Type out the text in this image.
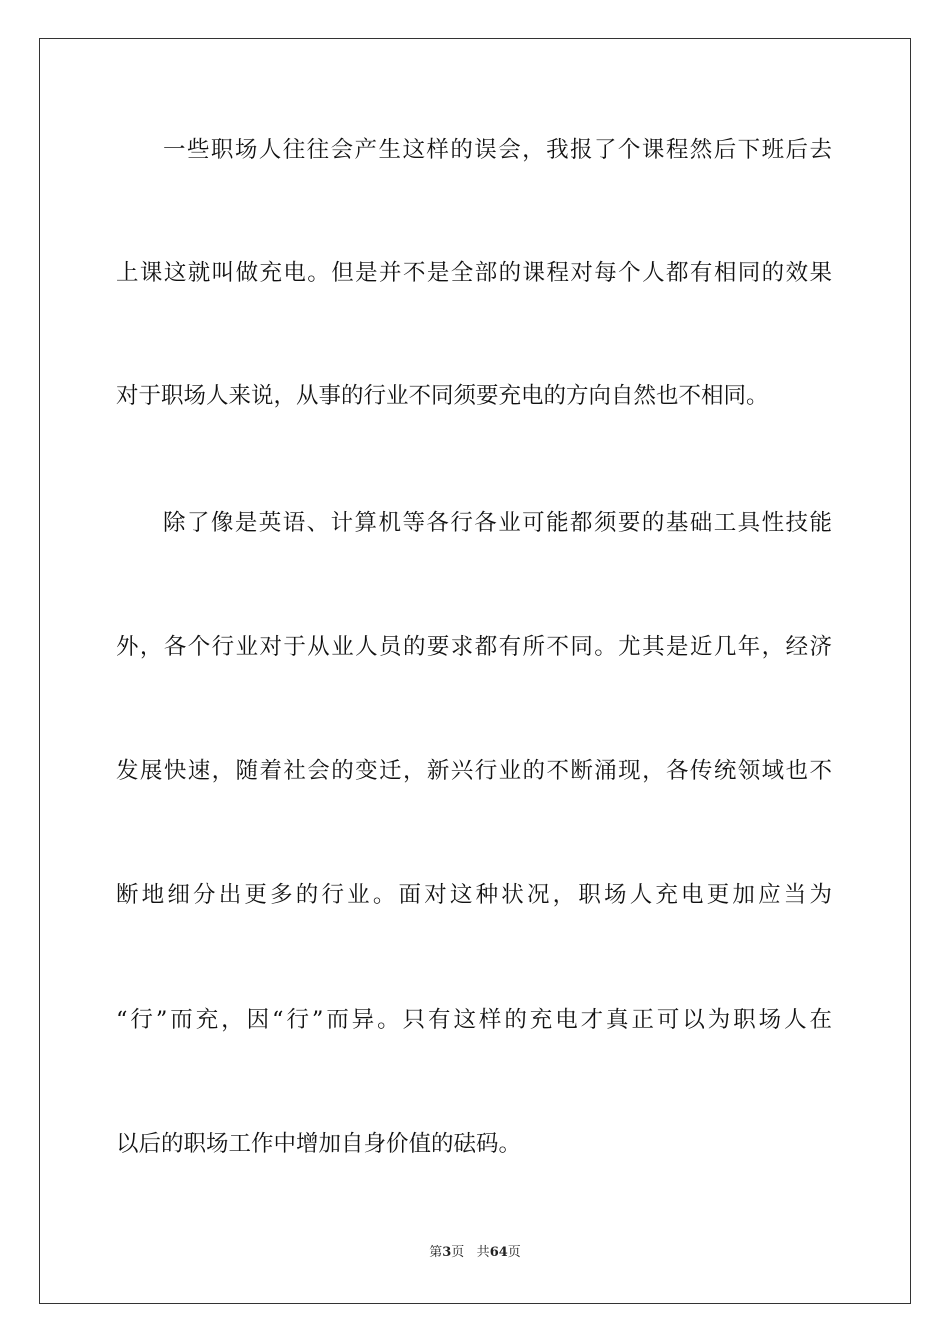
一些职场人往往会产生这样的误会，我报了个课程然后下班后去
上课这就叫做充电。但是并不是全部的课程对每个人都有相同的效果
对于职场人来说，从事的行业不同须要充电的方向自然也不相同。
除了像是英语、计算机等各行各业可能都须要的基础工具性技能
外，各个行业对于从业人员的要求都有所不同。尤其是近几年，经济
发展快速，随着社会的变迁，新兴行业的不断涌现，各传统领域也不
断地细分出更多的行业。面对这种状况，职场人充电更加应当为
“行”而充，因“行”而异。只有这样的充电才真正可以为职场人在
以后的职场工作中增加自身价值的砝码。
第3页 共64页
